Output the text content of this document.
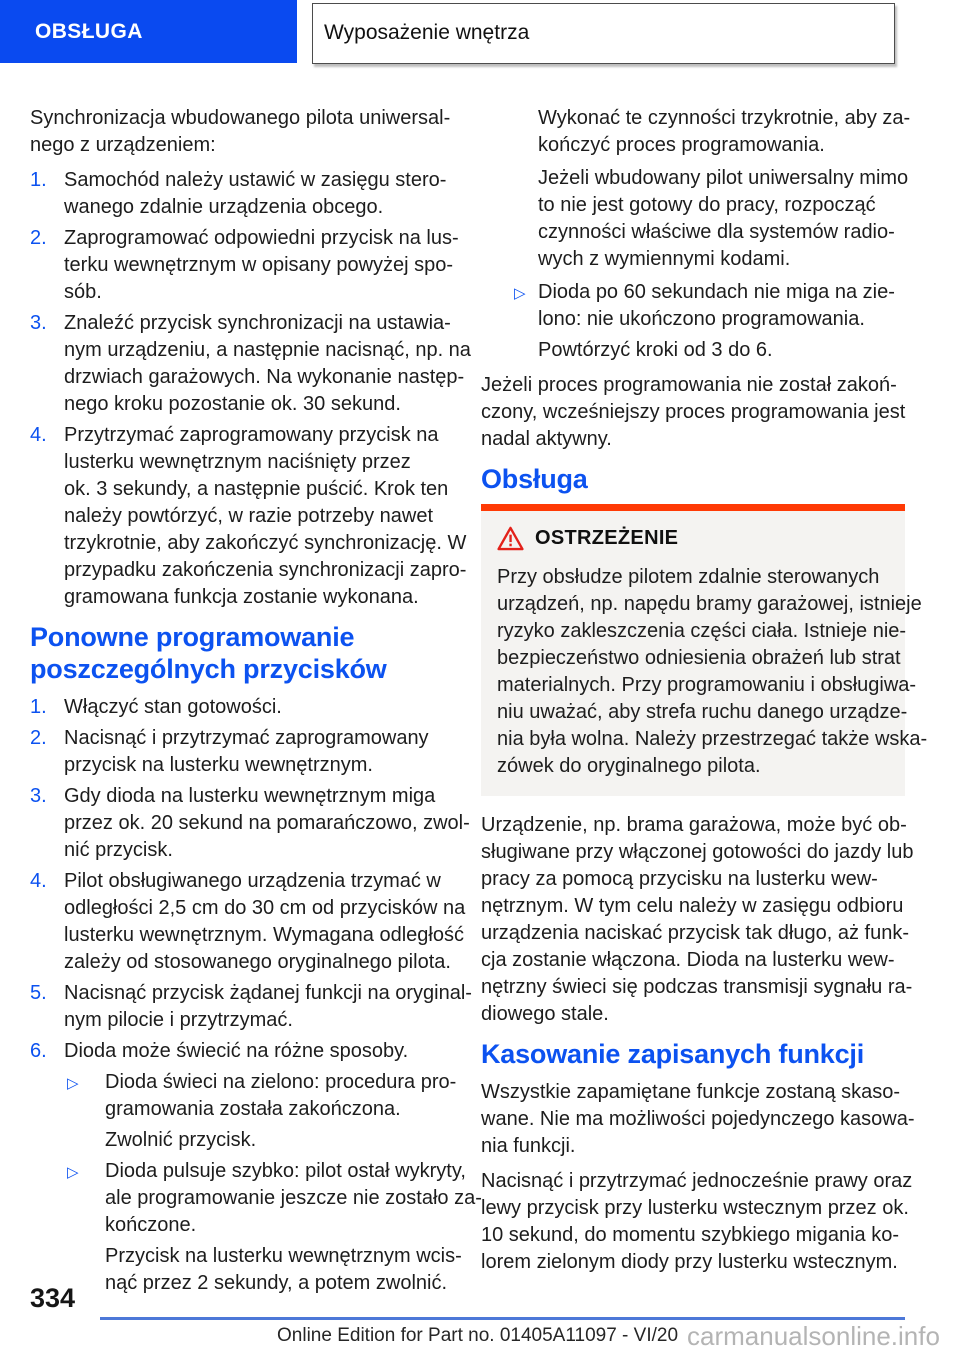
OBSŁUGA	Wyposażenie wnętrza

Synchronizacja wbudowanego pilota uniwersal-
nego z urządzeniem:

1. Samochód należy ustawić w zasięgu stero-
wanego zdalnie urządzenia obcego.
2. Zaprogramować odpowiedni przycisk na lus-
terku wewnętrznym w opisany powyżej spo-
sób.
3. Znaleźć przycisk synchronizacji na ustawia-
nym urządzeniu, a następnie nacisnąć, np. na
drzwiach garażowych. Na wykonanie następ-
nego kroku pozostanie ok. 30 sekund.
4. Przytrzymać zaprogramowany przycisk na
lusterku wewnętrznym naciśnięty przez
ok. 3 sekundy, a następnie puścić. Krok ten
należy powtórzyć, w razie potrzeby nawet
trzykrotnie, aby zakończyć synchronizację. W
przypadku zakończenia synchronizacji zapro-
gramowana funkcja zostanie wykonana.
Ponowne programowanie
poszczególnych przycisków
1. Włączyć stan gotowości.
2. Nacisnąć i przytrzymać zaprogramowany
przycisk na lusterku wewnętrznym.
3. Gdy dioda na lusterku wewnętrznym miga
przez ok. 20 sekund na pomarańczowo, zwol-
nić przycisk.
4. Pilot obsługiwanego urządzenia trzymać w
odległości 2,5 cm do 30 cm od przycisków na
lusterku wewnętrznym. Wymagana odległość
zależy od stosowanego oryginalnego pilota.
5. Nacisnąć przycisk żądanej funkcji na oryginal-
nym pilocie i przytrzymać.
6. Dioda może świecić na różne sposoby.
▷	Dioda świeci na zielono: procedura pro-
gramowania została zakończona.

Zwolnić przycisk.

▷	Dioda pulsuje szybko: pilot ostał wykryty,
ale programowanie jeszcze nie zostało za-
kończone.

Przycisk na lusterku wewnętrznym wcis-
nąć przez 2 sekundy, a potem zwolnić.

Wykonać te czynności trzykrotnie, aby za-
kończyć proces programowania.

Jeżeli wbudowany pilot uniwersalny mimo
to nie jest gotowy do pracy, rozpocząć
czynności właściwe dla systemów radio-
wych z wymiennymi kodami.

▷ Dioda po 60 sekundach nie miga na zie-
lono: nie ukończono programowania.

Powtórzyć kroki od 3 do 6.

Jeżeli proces programowania nie został zakoń-
czony, wcześniejszy proces programowania jest
nadal aktywny.

Obsługa
OSTRZEŻENIE
Przy obsłudze pilotem zdalnie sterowanych
urządzeń, np. napędu bramy garażowej, istnieje
ryzyko zakleszczenia części ciała. Istnieje nie-
bezpieczeństwo odniesienia obrażeń lub strat
materialnych. Przy programowaniu i obsługiwa-
niu uważać, aby strefa ruchu danego urządze-
nia była wolna. Należy przestrzegać także wska-
zówek do oryginalnego pilota.

Urządzenie, np. brama garażowa, może być ob-
sługiwane przy włączonej gotowości do jazdy lub
pracy za pomocą przycisku na lusterku wew-
nętrznym. W tym celu należy w zasięgu odbioru
urządzenia naciskać przycisk tak długo, aż funk-
cja zostanie włączona. Dioda na lusterku wew-
nętrzny świeci się podczas transmisji sygnału ra-
diowego stale.

Kasowanie zapisanych funkcji

Wszystkie zapamiętane funkcje zostaną skaso-
wane. Nie ma możliwości pojedynczego kasowa-
nia funkcji.

Nacisnąć i przytrzymać jednocześnie prawy oraz
lewy przycisk przy lusterku wstecznym przez ok.
10 sekund, do momentu szybkiego migania ko-
lorem zielonym diody przy lusterku wstecznym.

334
Online Edition for Part no. 01405A11097 - VI/20 carmanualsonline.info
